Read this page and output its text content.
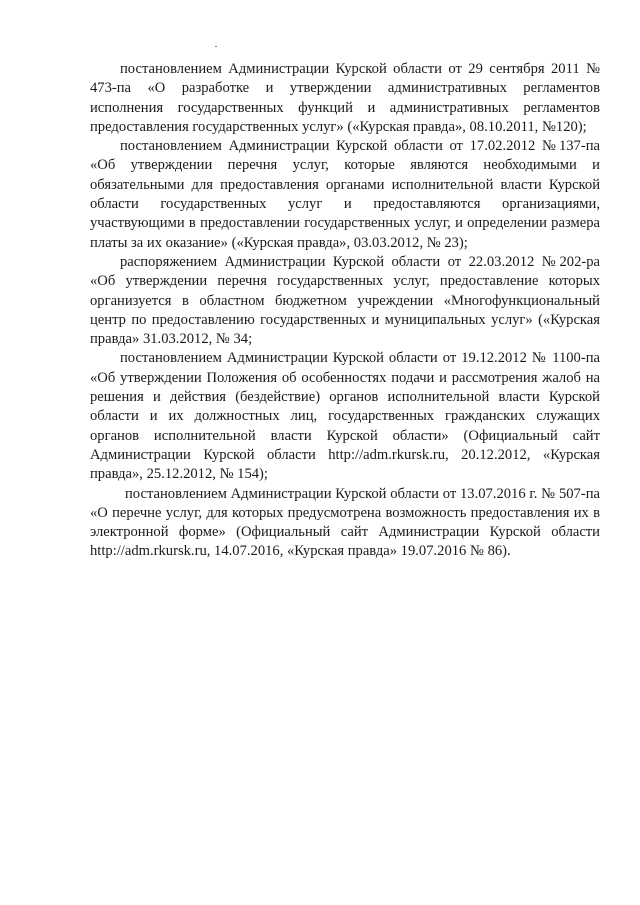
постановлением Администрации Курской области от 29 сентября 2011 № 473-па «О разработке и утверждении административных регламентов исполнения государственных функций и административных регламентов предоставления государственных услуг» («Курская правда», 08.10.2011, №120);

постановлением Администрации Курской области от 17.02.2012 №137-па «Об утверждении перечня услуг, которые являются необходимыми и обязательными для предоставления органами исполнительной власти Курской области государственных услуг и предоставляются организациями, участвующими в предоставлении государственных услуг, и определении размера платы за их оказание» («Курская правда», 03.03.2012, № 23);

распоряжением Администрации Курской области от 22.03.2012 №202-ра «Об утверждении перечня государственных услуг, предоставление которых организуется в областном бюджетном учреждении «Многофункциональный центр по предоставлению государственных и муниципальных услуг» («Курская правда» 31.03.2012, № 34;

постановлением Администрации Курской области от 19.12.2012 № 1100-па «Об утверждении Положения об особенностях подачи и рассмотрения жалоб на решения и действия (бездействие) органов исполнительной власти Курской области и их должностных лиц, государственных гражданских служащих органов исполнительной власти Курской области» (Официальный сайт Администрации Курской области http://adm.rkursk.ru, 20.12.2012, «Курская правда», 25.12.2012, № 154);

постановлением Администрации Курской области от 13.07.2016 г. № 507-па «О перечне услуг, для которых предусмотрена возможность предоставления их в электронной форме» (Официальный сайт Администрации Курской области http://adm.rkursk.ru, 14.07.2016, «Курская правда» 19.07.2016 № 86).
